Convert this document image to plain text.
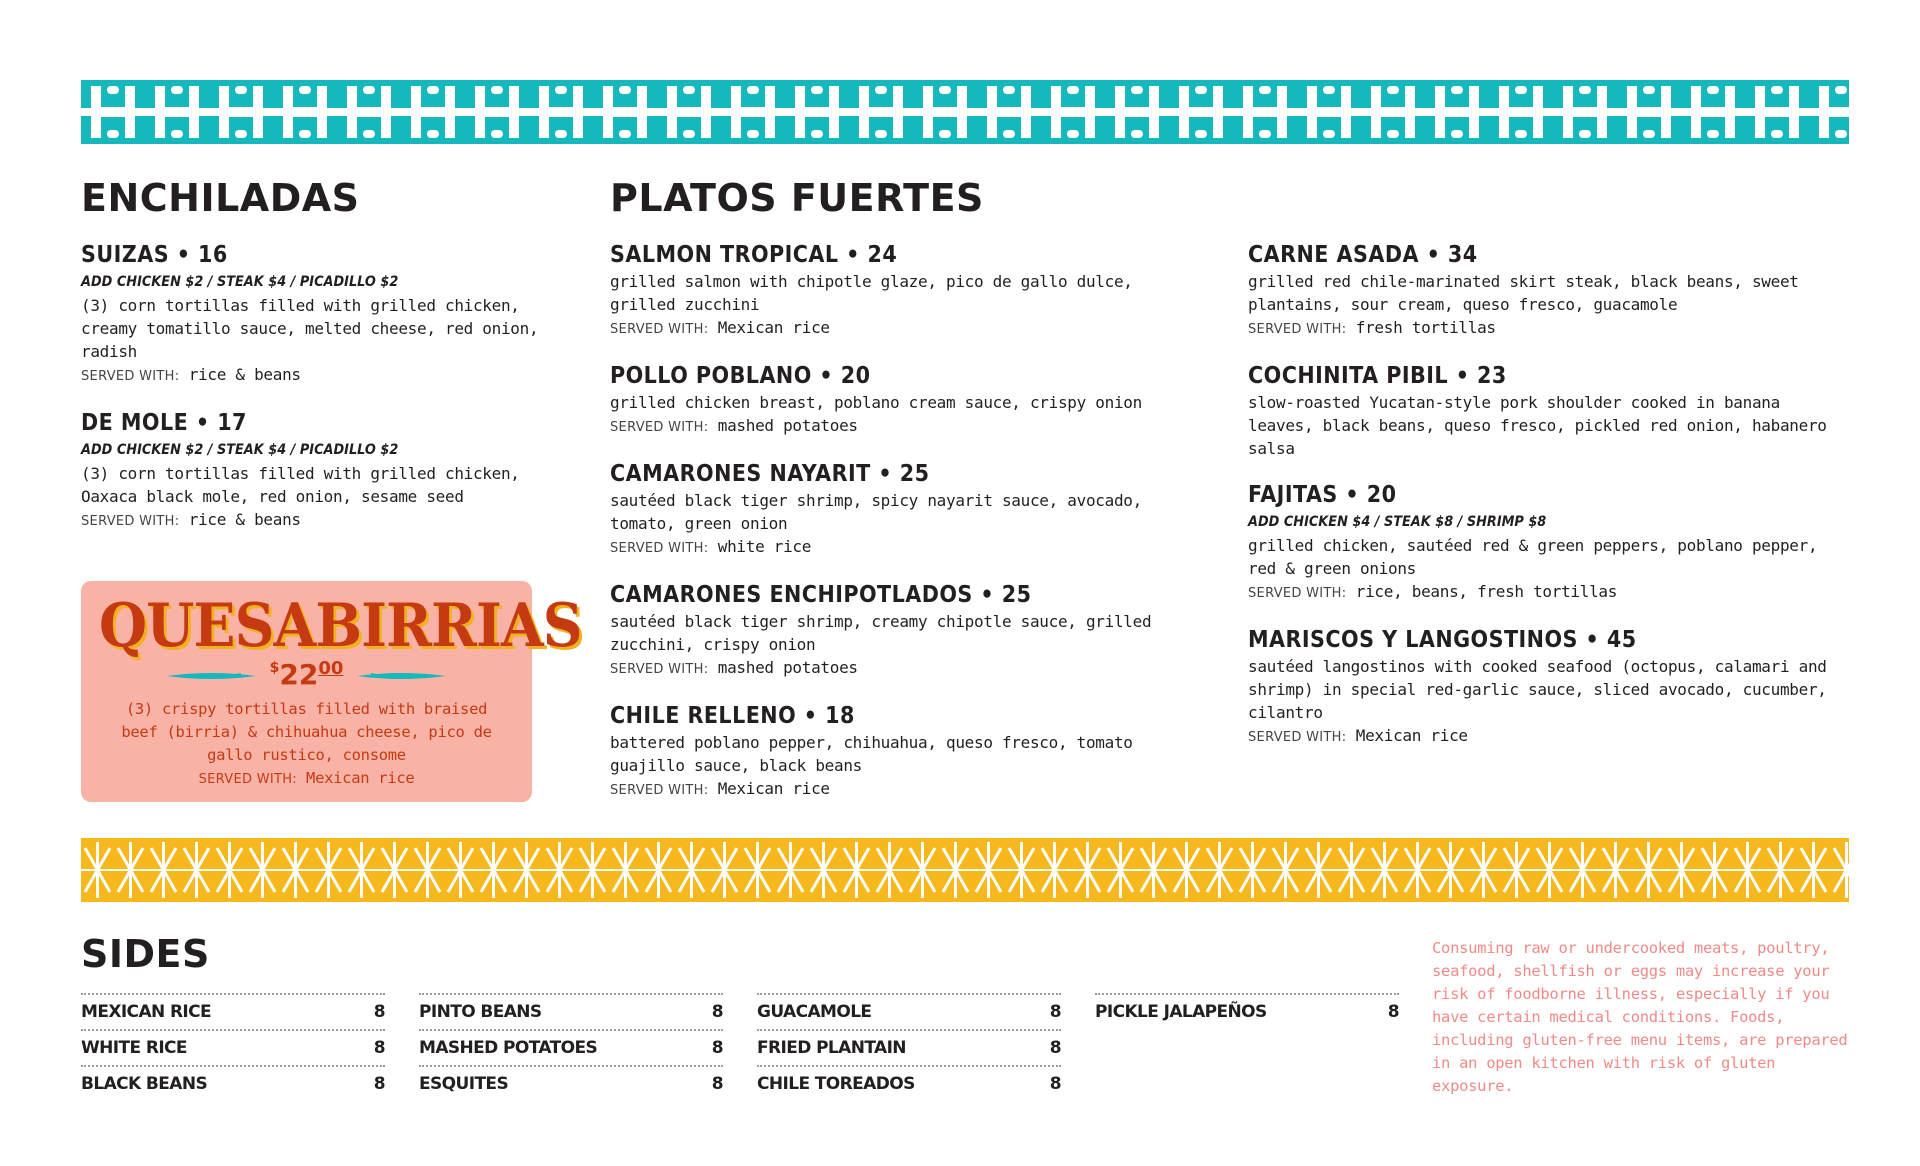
ENCHILADAS
SUIZAS • 16
ADD CHICKEN $2 / STEAK $4 / PICADILLO $2
(3) corn tortillas filled with grilled chicken, creamy tomatillo sauce, melted cheese, red onion, radish
SERVED WITH: rice & beans
DE MOLE • 17
ADD CHICKEN $2 / STEAK $4 / PICADILLO $2
(3) corn tortillas filled with grilled chicken, Oaxaca black mole, red onion, sesame seed
SERVED WITH: rice & beans
QUESABIRRIAS
$^{\$}22^{00}$
(3) crispy tortillas filled with braised beef (birria) & chihuahua cheese, pico de gallo rustico, consome
SERVED WITH: Mexican rice
PLATOS FUERTES
SALMON TROPICAL • 24
grilled salmon with chipotle glaze, pico de gallo dulce, grilled zucchini
SERVED WITH: Mexican rice
POLLO POBLANO • 20
grilled chicken breast, poblano cream sauce, crispy onion
SERVED WITH: mashed potatoes
CAMARONES NAYARIT • 25
sautéed black tiger shrimp, spicy nayarit sauce, avocado, tomato, green onion
SERVED WITH: white rice
CAMARONES ENCHIPOTLADOS • 25
sautéed black tiger shrimp, creamy chipotle sauce, grilled zucchini, crispy onion
SERVED WITH: mashed potatoes
CHILE RELLENO • 18
battered poblano pepper, chihuahua, queso fresco, tomato guajillo sauce, black beans
SERVED WITH: Mexican rice
CARNE ASADA • 34
grilled red chile-marinated skirt steak, black beans, sweet plantains, sour cream, queso fresco, guacamole
SERVED WITH: fresh tortillas
COCHINITA PIBIL • 23
slow-roasted Yucatan-style pork shoulder cooked in banana leaves, black beans, queso fresco, pickled red onion, habanero salsa
FAJITAS • 20
ADD CHICKEN $4 / STEAK $8 / SHRIMP $8
grilled chicken, sautéed red & green peppers, poblano pepper, red & green onions
SERVED WITH: rice, beans, fresh tortillas
MARISCOS Y LANGOSTINOS • 45
sautéed langostinos with cooked seafood (octopus, calamari and shrimp) in special red-garlic sauce, sliced avocado, cucumber, cilantro
SERVED WITH: Mexican rice
SIDES
MEXICAN RICE	8
WHITE RICE	8
BLACK BEANS	8
PINTO BEANS	8
MASHED POTATOES	8
ESQUITES	8
GUACAMOLE	8
FRIED PLANTAIN	8
CHILE TOREADOS	8
PICKLE JALAPEÑOS	8
Consuming raw or undercooked meats, poultry, seafood, shellfish or eggs may increase your risk of foodborne illness, especially if you have certain medical conditions. Foods, including gluten-free menu items, are prepared in an open kitchen with risk of gluten exposure.
